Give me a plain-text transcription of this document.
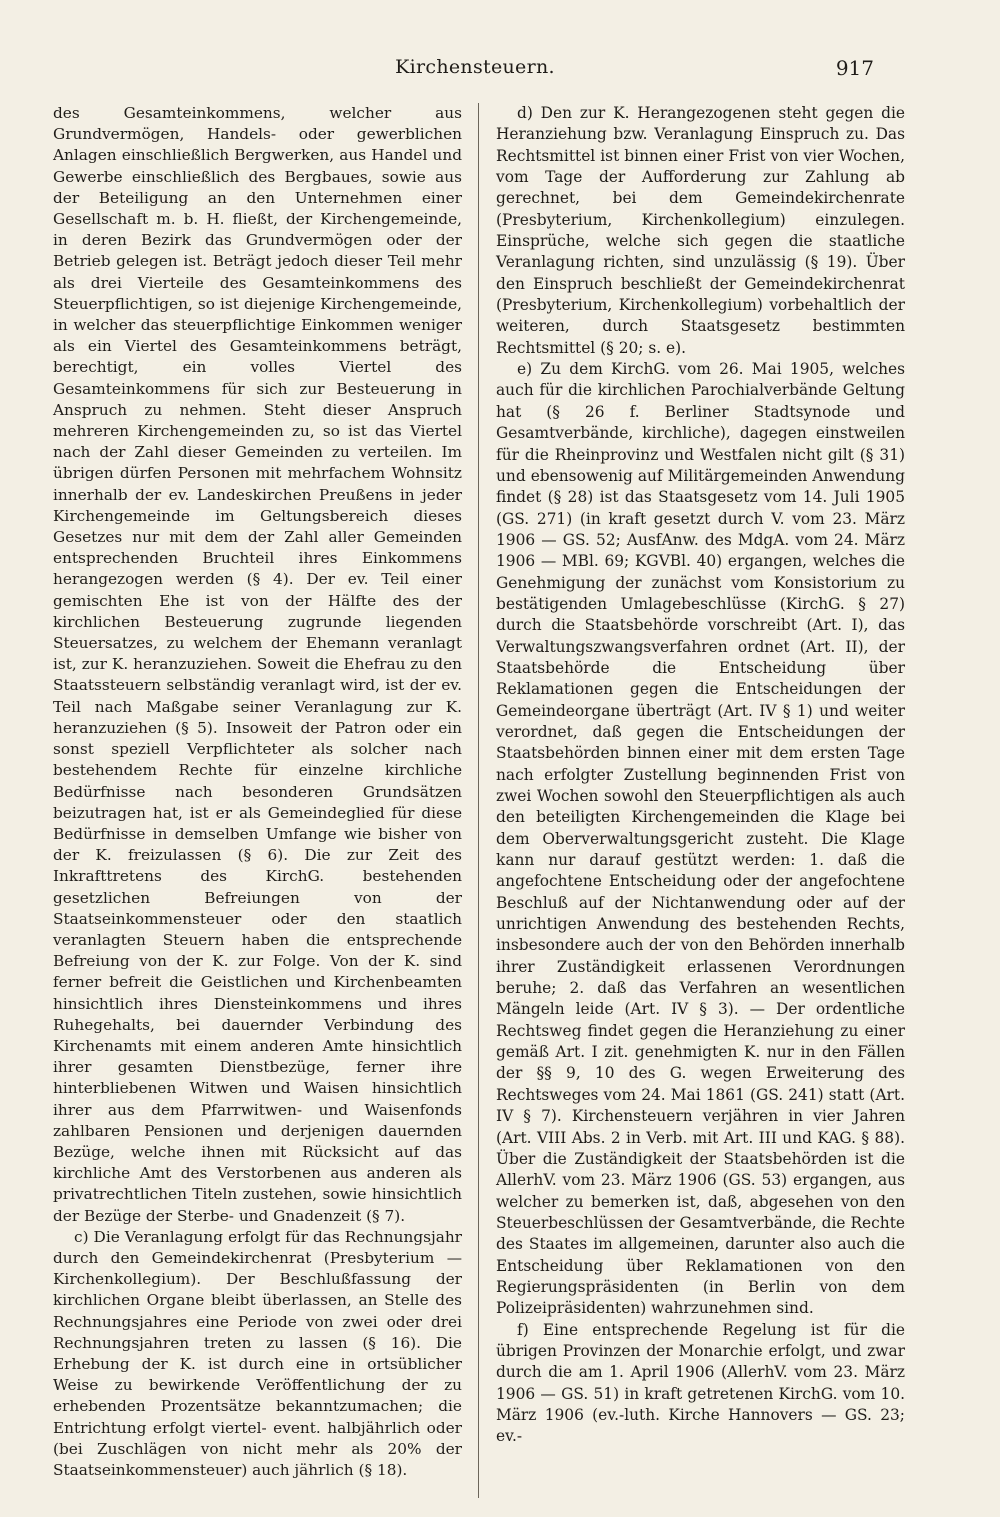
Kirchensteuern.	917

des Gesamteinkommens, welcher aus Grundvermögen, Handels- oder gewerblichen Anlagen einschließlich Bergwerken, aus Handel und Gewerbe einschließlich des Bergbaues, sowie aus der Beteiligung an den Unternehmen einer Gesellschaft m. b. H. fließt, der Kirchengemeinde, in deren Bezirk das Grundvermögen oder der Betrieb gelegen ist. Beträgt jedoch dieser Teil mehr als drei Vierteile des Gesamteinkommens des Steuerpflichtigen, so ist diejenige Kirchengemeinde, in welcher das steuerpflichtige Einkommen weniger als ein Viertel des Gesamteinkommens beträgt, berechtigt, ein volles Viertel des Gesamteinkommens für sich zur Besteuerung in Anspruch zu nehmen. Steht dieser Anspruch mehreren Kirchengemeinden zu, so ist das Viertel nach der Zahl dieser Gemeinden zu verteilen. Im übrigen dürfen Personen mit mehrfachem Wohnsitz innerhalb der ev. Landeskirchen Preußens in jeder Kirchengemeinde im Geltungsbereich dieses Gesetzes nur mit dem der Zahl aller Gemeinden entsprechenden Bruchteil ihres Einkommens herangezogen werden (§ 4). Der ev. Teil einer gemischten Ehe ist von der Hälfte des der kirchlichen Besteuerung zugrunde liegenden Steuersatzes, zu welchem der Ehemann veranlagt ist, zur K. heranzuziehen. Soweit die Ehefrau zu den Staatssteuern selbständig veranlagt wird, ist der ev. Teil nach Maßgabe seiner Veranlagung zur K. heranzuziehen (§ 5). Insoweit der Patron oder ein sonst speziell Verpflichteter als solcher nach bestehendem Rechte für einzelne kirchliche Bedürfnisse nach besonderen Grundsätzen beizutragen hat, ist er als Gemeindeglied für diese Bedürfnisse in demselben Umfange wie bisher von der K. freizulassen (§ 6). Die zur Zeit des Inkrafttretens des KirchG. bestehenden gesetzlichen Befreiungen von der Staatseinkommensteuer oder den staatlich veranlagten Steuern haben die entsprechende Befreiung von der K. zur Folge. Von der K. sind ferner befreit die Geistlichen und Kirchenbeamten hinsichtlich ihres Diensteinkommens und ihres Ruhegehalts, bei dauernder Verbindung des Kirchenamts mit einem anderen Amte hinsichtlich ihrer gesamten Dienstbezüge, ferner ihre hinterbliebenen Witwen und Waisen hinsichtlich ihrer aus dem Pfarrwitwen- und Waisenfonds zahlbaren Pensionen und derjenigen dauernden Bezüge, welche ihnen mit Rücksicht auf das kirchliche Amt des Verstorbenen aus anderen als privatrechtlichen Titeln zustehen, sowie hinsichtlich der Bezüge der Sterbe- und Gnadenzeit (§ 7).

c) Die Veranlagung erfolgt für das Rechnungsjahr durch den Gemeindekirchenrat (Presbyterium — Kirchenkollegium). Der Beschlußfassung der kirchlichen Organe bleibt überlassen, an Stelle des Rechnungsjahres eine Periode von zwei oder drei Rechnungsjahren treten zu lassen (§ 16). Die Erhebung der K. ist durch eine in ortsüblicher Weise zu bewirkende Veröffentlichung der zu erhebenden Prozentsätze bekanntzumachen; die Entrichtung erfolgt viertel- event. halbjährlich oder (bei Zuschlägen von nicht mehr als 20% der Staatseinkommensteuer) auch jährlich (§ 18).

d) Den zur K. Herangezogenen steht gegen die Heranziehung bzw. Veranlagung Einspruch zu. Das Rechtsmittel ist binnen einer Frist von vier Wochen, vom Tage der Aufforderung zur Zahlung ab gerechnet, bei dem Gemeindekirchenrate (Presbyterium, Kirchenkollegium) einzulegen. Einsprüche, welche sich gegen die staatliche Veranlagung richten, sind unzulässig (§ 19). Über den Einspruch beschließt der Gemeindekirchenrat (Presbyterium, Kirchenkollegium) vorbehaltlich der weiteren, durch Staatsgesetz bestimmten Rechtsmittel (§ 20; s. e).

e) Zu dem KirchG. vom 26. Mai 1905, welches auch für die kirchlichen Parochialverbände Geltung hat (§ 26 f. Berliner Stadtsynode und Gesamtverbände, kirchliche), dagegen einstweilen für die Rheinprovinz und Westfalen nicht gilt (§ 31) und ebensowenig auf Militärgemeinden Anwendung findet (§ 28) ist das Staatsgesetz vom 14. Juli 1905 (GS. 271) (in kraft gesetzt durch V. vom 23. März 1906 — GS. 52; AusfAnw. des MdgA. vom 24. März 1906 — MBl. 69; KGVBl. 40) ergangen, welches die Genehmigung der zunächst vom Konsistorium zu bestätigenden Umlagebeschlüsse (KirchG. § 27) durch die Staatsbehörde vorschreibt (Art. I), das Verwaltungszwangsverfahren ordnet (Art. II), der Staatsbehörde die Entscheidung über Reklamationen gegen die Entscheidungen der Gemeindeorgane überträgt (Art. IV § 1) und weiter verordnet, daß gegen die Entscheidungen der Staatsbehörden binnen einer mit dem ersten Tage nach erfolgter Zustellung beginnenden Frist von zwei Wochen sowohl den Steuerpflichtigen als auch den beteiligten Kirchengemeinden die Klage bei dem Oberverwaltungsgericht zusteht. Die Klage kann nur darauf gestützt werden: 1. daß die angefochtene Entscheidung oder der angefochtene Beschluß auf der Nichtanwendung oder auf der unrichtigen Anwendung des bestehenden Rechts, insbesondere auch der von den Behörden innerhalb ihrer Zuständigkeit erlassenen Verordnungen beruhe; 2. daß das Verfahren an wesentlichen Mängeln leide (Art. IV § 3). — Der ordentliche Rechtsweg findet gegen die Heranziehung zu einer gemäß Art. I zit. genehmigten K. nur in den Fällen der §§ 9, 10 des G. wegen Erweiterung des Rechtsweges vom 24. Mai 1861 (GS. 241) statt (Art. IV § 7). Kirchensteuern verjähren in vier Jahren (Art. VIII Abs. 2 in Verb. mit Art. III und KAG. § 88). Über die Zuständigkeit der Staatsbehörden ist die AllerhV. vom 23. März 1906 (GS. 53) ergangen, aus welcher zu bemerken ist, daß, abgesehen von den Steuerbeschlüssen der Gesamtverbände, die Rechte des Staates im allgemeinen, darunter also auch die Entscheidung über Reklamationen von den Regierungspräsidenten (in Berlin von dem Polizeipräsidenten) wahrzunehmen sind.

f) Eine entsprechende Regelung ist für die übrigen Provinzen der Monarchie erfolgt, und zwar durch die am 1. April 1906 (AllerhV. vom 23. März 1906 — GS. 51) in kraft getretenen KirchG. vom 10. März 1906 (ev.-luth. Kirche Hannovers — GS. 23; ev.-
